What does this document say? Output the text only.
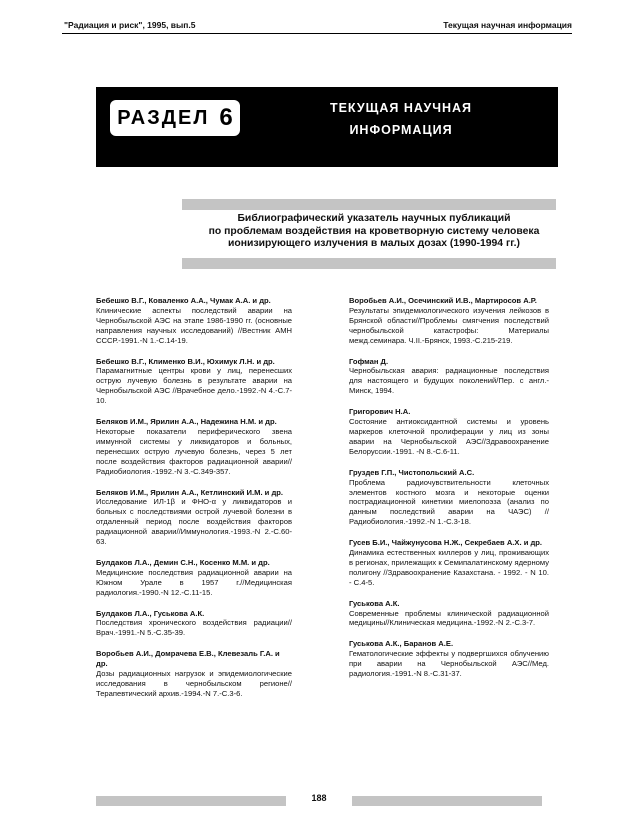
"Радиация и риск", 1995, вып.5	Текущая научная информация
РАЗДЕЛ 6	ТЕКУЩАЯ НАУЧНАЯ
ИНФОРМАЦИЯ
Библиографический указатель научных публикаций
по проблемам воздействия на кроветворную систему человека
ионизирующего излучения в малых дозах (1990-1994 гг.)
Бебешко В.Г., Коваленко А.А., Чумак А.А. и др.
Клинические аспекты последствий аварии на Чернобыльской АЭС на этапе 1986-1990 гг. (основные направления научных исследований) //Вестник АМН СССР.-1991.-N 1.-С.14-19.
Бебешко В.Г., Клименко В.И., Юхимук Л.Н. и др.
Парамагнитные центры крови у лиц, перенесших острую лучевую болезнь в результате аварии на Чернобыльской АЭС //Врачебное дело.-1992.-N 4.-С.7-10.
Беляков И.М., Ярилин А.А., Надежина Н.М. и др.
Некоторые показатели периферического звена иммунной системы у ликвидаторов и больных, перенесших острую лучевую болезнь, через 5 лет после воздействия факторов радиационной аварии//Радиобиология.-1992.-N 3.-С.349-357.
Беляков И.М., Ярилин А.А., Кетлинский И.М. и др.
Исследование ИЛ-1β и ФНО-α у ликвидаторов и больных с последствиями острой лучевой болезни в отдаленный период после воздействия факторов радиационной аварии//Иммунология.-1993.-N 2.-С.60-63.
Булдаков Л.А., Демин С.Н., Косенко М.М. и др.
Медицинские последствия радиационной аварии на Южном Урале в 1957 г.//Медицинская радиология.-1990.-N 12.-С.11-15.
Булдаков Л.А., Гуськова А.К.
Последствия хронического воздействия радиации//Врач.-1991.-N 5.-С.35-39.
Воробьев А.И., Домрачева Е.В., Клевезаль Г.А. и др.
Дозы радиационных нагрузок и эпидемиологические исследования в чернобыльском регионе//Терапевтический архив.-1994.-N 7.-С.3-6.
Воробьев А.И., Осечинский И.В., Мартиросов А.Р.
Результаты эпидемиологического изучения лейкозов в Брянской области//Проблемы смягчения последствий чернобыльской катастрофы: Материалы межд.семинара. Ч.II.-Брянск, 1993.-С.215-219.
Гофман Д.
Чернобыльская авария: радиационные последствия для настоящего и будущих поколений/Пер. с англ.-Минск, 1994.
Григорович Н.А.
Состояние антиоксидантной системы и уровень маркеров клеточной пролиферации у лиц из зоны аварии на Чернобыльской АЭС//Здравоохранение Белоруссии.-1991. -N 8.-С.6-11.
Груздев Г.П., Чистопольский А.С.
Проблема радиочувствительности клеточных элементов костного мозга и некоторые оценки пострадиационной кинетики миелопоэза (анализ по данным последствий аварии на ЧАЭС) //Радиобиология.-1992.-N 1.-С.3-18.
Гусев Б.И., Чайжунусова Н.Ж., Секребаев А.Х. и др.
Динамика естественных киллеров у лиц, проживающих в регионах, прилежащих к Семипалатинскому ядерному полигону //Здравоохранение Казахстана. - 1992. - N 10. - С.4-5.
Гуськова А.К.
Современные проблемы клинической радиационной медицины//Клиническая медицина.-1992.-N 2.-С.3-7.
Гуськова А.К., Баранов А.Е.
Гематологические эффекты у подвергшихся облучению при аварии на Чернобыльской АЭС//Мед. радиология.-1991.-N 8.-С.31-37.
188
